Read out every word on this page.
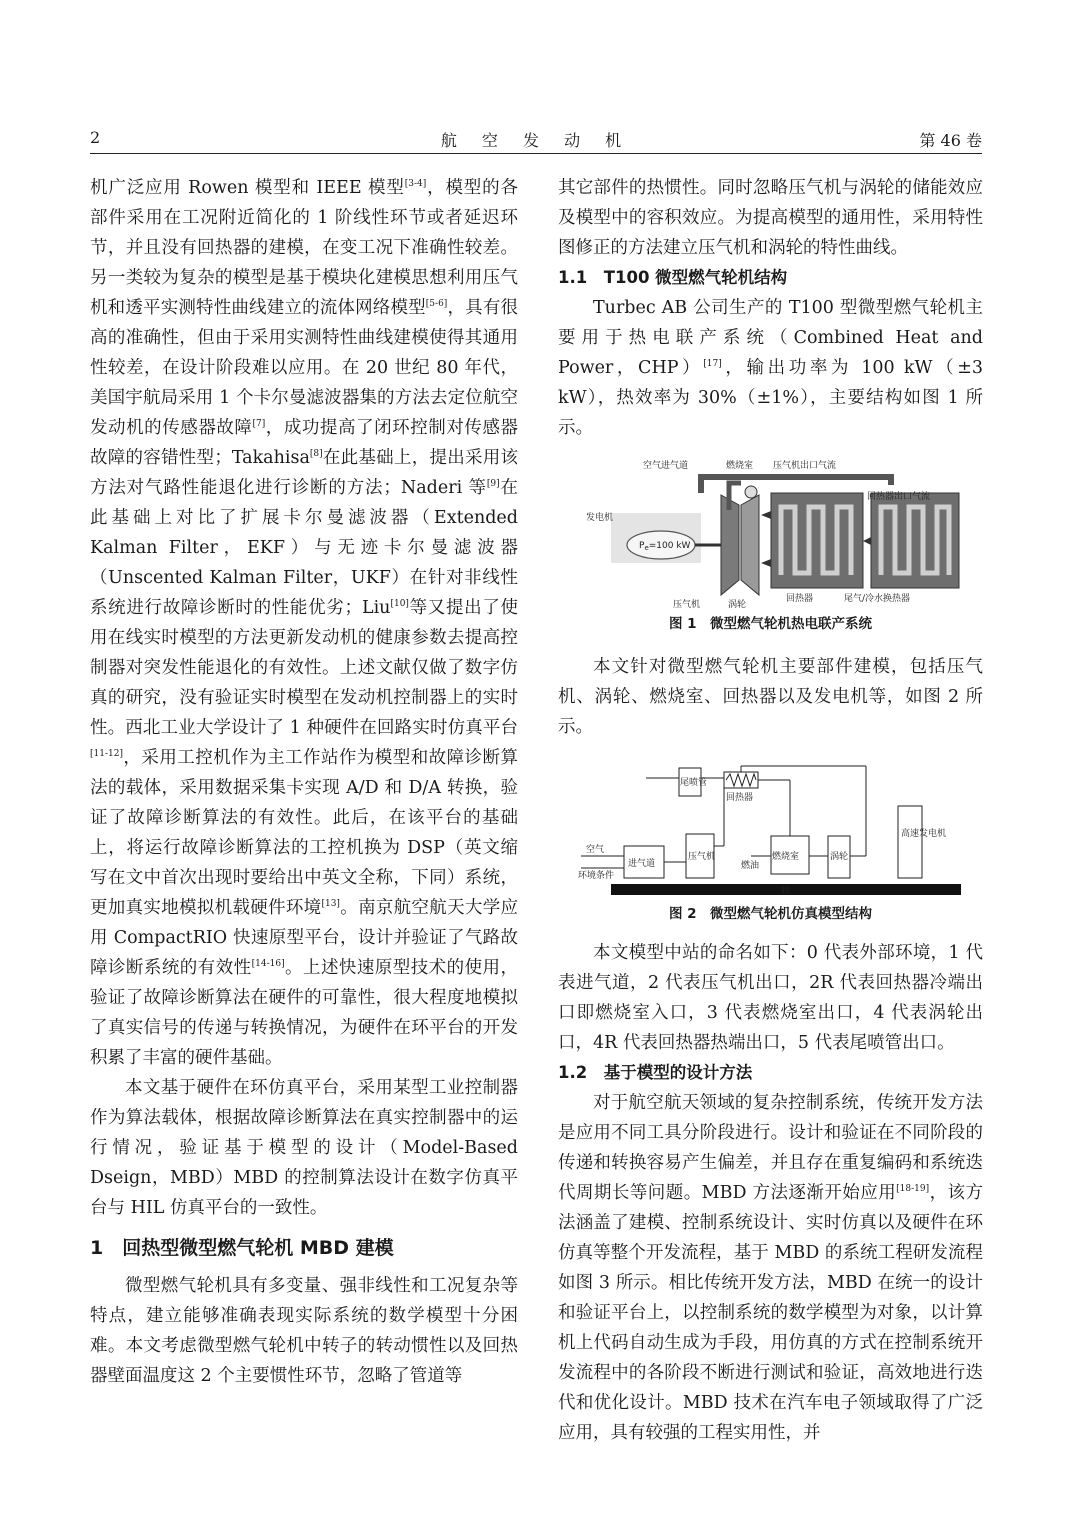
2	航 空 发 动 机	第 46 卷

机广泛应用 Rowen 模型和 IEEE 模型[3-4]，模型的各部件采用在工况附近简化的 1 阶线性环节或者延迟环节，并且没有回热器的建模，在变工况下准确性较差。另一类较为复杂的模型是基于模块化建模思想利用压气机和透平实测特性曲线建立的流体网络模型[5-6]，具有很高的准确性，但由于采用实测特性曲线建模使得其通用性较差，在设计阶段难以应用。在 20 世纪 80 年代，美国宇航局采用 1 个卡尔曼滤波器集的方法去定位航空发动机的传感器故障[7]，成功提高了闭环控制对传感器故障的容错性型；Takahisa[8]在此基础上，提出采用该方法对气路性能退化进行诊断的方法；Naderi 等[9]在此基础上对比了扩展卡尔曼滤波器（Extended Kalman Filter，EKF）与无迹卡尔曼滤波器（Unscented Kalman Filter，UKF）在针对非线性系统进行故障诊断时的性能优劣；Liu[10]等又提出了使用在线实时模型的方法更新发动机的健康参数去提高控制器对突发性能退化的有效性。上述文献仅做了数字仿真的研究，没有验证实时模型在发动机控制器上的实时性。西北工业大学设计了 1 种硬件在回路实时仿真平台[11-12]，采用工控机作为主工作站作为模型和故障诊断算法的载体，采用数据采集卡实现 A/D 和 D/A 转换，验证了故障诊断算法的有效性。此后，在该平台的基础上，将运行故障诊断算法的工控机换为 DSP（英文缩写在文中首次出现时要给出中英文全称，下同）系统，更加真实地模拟机载硬件环境[13]。南京航空航天大学应用 CompactRIO 快速原型平台，设计并验证了气路故障诊断系统的有效性[14-16]。上述快速原型技术的使用，验证了故障诊断算法在硬件的可靠性，很大程度地模拟了真实信号的传递与转换情况，为硬件在环平台的开发积累了丰富的硬件基础。

本文基于硬件在环仿真平台，采用某型工业控制器作为算法载体，根据故障诊断算法在真实控制器中的运行情况，验证基于模型的设计（Model-Based Dseign，MBD）MBD 的控制算法设计在数字仿真平台与 HIL 仿真平台的一致性。

1　 回热型微型燃气轮机 MBD 建模

微型燃气轮机具有多变量、强非线性和工况复杂等特点，建立能够准确表现实际系统的数学模型十分困难。本文考虑微型燃气轮机中转子的转动惯性以及回热器壁面温度这 2 个主要惯性环节，忽略了管道等

其它部件的热惯性。同时忽略压气机与涡轮的储能效应及模型中的容积效应。为提高模型的通用性，采用特性图修正的方法建立压气机和涡轮的特性曲线。

1.1　T100 微型燃气轮机结构

Turbec AB 公司生产的 T100 型微型燃气轮机主要用于热电联产系统（Combined Heat and Power，CHP）[17]，输出功率为 100 kW（±3 kW），热效率为 30%（±1%），主要结构如图 1 所示。

$P_e=100$ kW
空气进气道	燃烧室 压气机出口气流
回热器出口气流
发电机
压气机	涡轮
回热器	尾气/冷水换热器
图 1　微型燃气轮机热电联产系统

本文针对微型燃气轮机主要部件建模，包括压气机、涡轮、燃烧室、回热器以及发电机等，如图 2 所示。

轴
进气道
压气机
尾喷管
回热器
燃烧室	涡轮
高速发电机
空气
环境条件
燃油
图 2　微型燃气轮机仿真模型结构

本文模型中站的命名如下：0 代表外部环境，1 代表进气道，2 代表压气机出口，2R 代表回热器冷端出口即燃烧室入口，3 代表燃烧室出口，4 代表涡轮出口，4R 代表回热器热端出口，5 代表尾喷管出口。

1.2　基于模型的设计方法

对于航空航天领域的复杂控制系统，传统开发方法是应用不同工具分阶段进行。设计和验证在不同阶段的传递和转换容易产生偏差，并且存在重复编码和系统迭代周期长等问题。MBD 方法逐渐开始应用[18-19]，该方法涵盖了建模、控制系统设计、实时仿真以及硬件在环仿真等整个开发流程，基于 MBD 的系统工程研发流程如图 3 所示。相比传统开发方法，MBD 在统一的设计和验证平台上，以控制系统的数学模型为对象，以计算机上代码自动生成为手段，用仿真的方式在控制系统开发流程中的各阶段不断进行测试和验证，高效地进行迭代和优化设计。MBD 技术在汽车电子领域取得了广泛应用，具有较强的工程实用性，并
